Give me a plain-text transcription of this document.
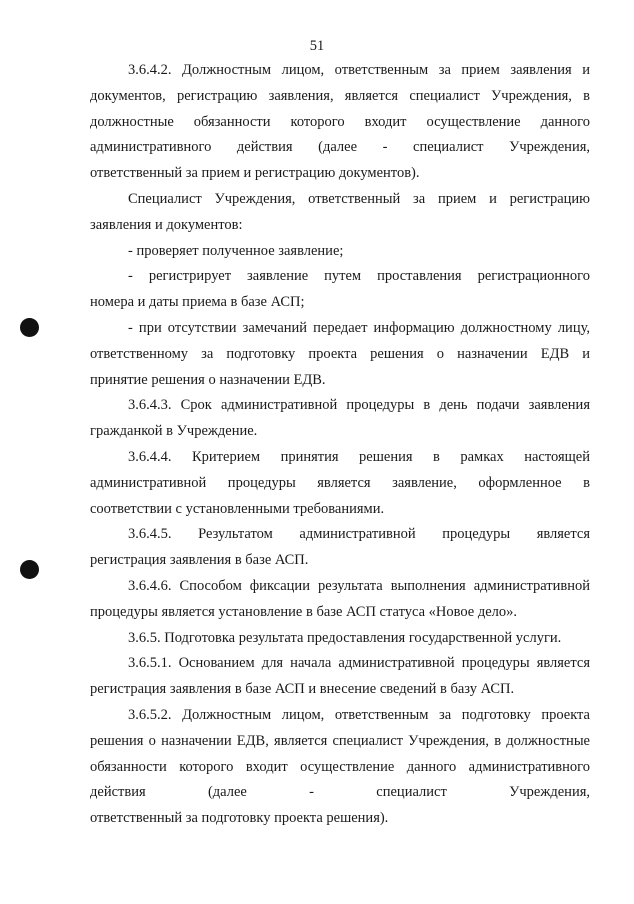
51

3.6.4.2. Должностным лицом, ответственным за прием заявления и документов, регистрацию заявления, является специалист Учреждения, в должностные обязанности которого входит осуществление данного административного действия (далее - специалист Учреждения,

ответственный за прием и регистрацию документов).

Специалист Учреждения, ответственный за прием и регистрацию

заявления и документов:

- проверяет полученное заявление;

- регистрирует заявление путем проставления регистрационного

номера и даты приема в базе АСП;

- при отсутствии замечаний передает информацию должностному лицу, ответственному за подготовку проекта решения о назначении ЕДВ и

принятие решения о назначении ЕДВ.

3.6.4.3. Срок административной процедуры в день подачи заявления

гражданкой в Учреждение.

3.6.4.4. Критерием принятия решения в рамках настоящей административной процедуры является заявление, оформленное в

соответствии с установленными требованиями.

3.6.4.5. Результатом административной процедуры является

регистрация заявления в базе АСП.

3.6.4.6. Способом фиксации результата выполнения административной

процедуры является установление в базе АСП статуса «Новое дело».

3.6.5. Подготовка результата предоставления государственной услуги.

3.6.5.1. Основанием для начала административной процедуры является

регистрация заявления в базе АСП и внесение сведений в базу АСП.

3.6.5.2. Должностным лицом, ответственным за подготовку проекта решения о назначении ЕДВ, является специалист Учреждения, в должностные обязанности которого входит осуществление данного административного действия (далее - специалист Учреждения,

ответственный за подготовку проекта решения).
